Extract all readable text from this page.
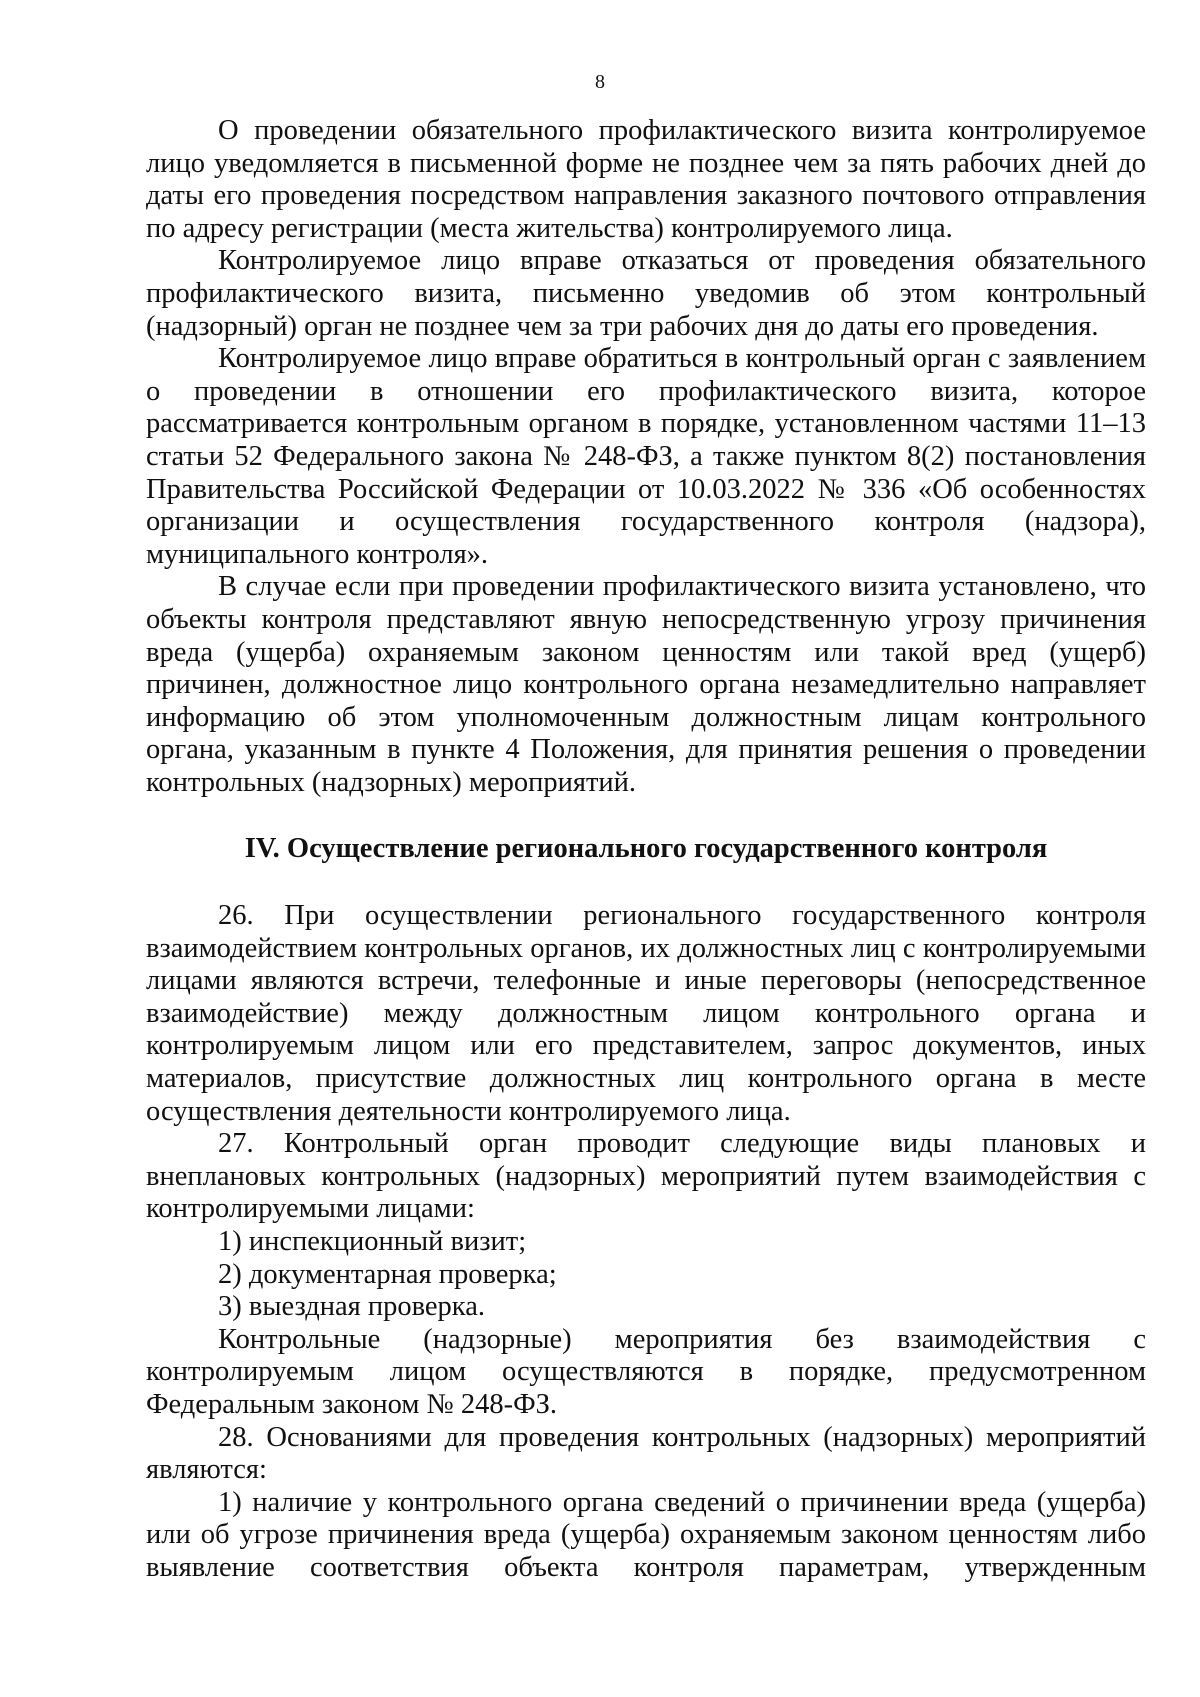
8

О проведении обязательного профилактического визита контролируемое лицо уведомляется в письменной форме не позднее чем за пять рабочих дней до даты его проведения посредством направления заказного почтового отправления по адресу регистрации (места жительства) контролируемого лица.

Контролируемое лицо вправе отказаться от проведения обязательного профилактического визита, письменно уведомив об этом контрольный (надзорный) орган не позднее чем за три рабочих дня до даты его проведения.

Контролируемое лицо вправе обратиться в контрольный орган с заявлением о проведении в отношении его профилактического визита, которое рассматривается контрольным органом в порядке, установленном частями 11–13 статьи 52 Федерального закона № 248-ФЗ, а также пунктом 8(2) постановления Правительства Российской Федерации от 10.03.2022 № 336 «Об особенностях организации и осуществления государственного контроля (надзора), муниципального контроля».

В случае если при проведении профилактического визита установлено, что объекты контроля представляют явную непосредственную угрозу причинения вреда (ущерба) охраняемым законом ценностям или такой вред (ущерб) причинен, должностное лицо контрольного органа незамедлительно направляет информацию об этом уполномоченным должностным лицам контрольного органа, указанным в пункте 4 Положения, для принятия решения о проведении контрольных (надзорных) мероприятий.

IV. Осуществление регионального государственного контроля

26. При осуществлении регионального государственного контроля взаимодействием контрольных органов, их должностных лиц с контролируемыми лицами являются встречи, телефонные и иные переговоры (непосредственное взаимодействие) между должностным лицом контрольного органа и контролируемым лицом или его представителем, запрос документов, иных материалов, присутствие должностных лиц контрольного органа в месте осуществления деятельности контролируемого лица.

27. Контрольный орган проводит следующие виды плановых и внеплановых контрольных (надзорных) мероприятий путем взаимодействия с контролируемыми лицами:

1) инспекционный визит;

2) документарная проверка;

3) выездная проверка.

Контрольные (надзорные) мероприятия без взаимодействия с контролируемым лицом осуществляются в порядке, предусмотренном Федеральным законом № 248-ФЗ.

28. Основаниями для проведения контрольных (надзорных) мероприятий являются:

1) наличие у контрольного органа сведений о причинении вреда (ущерба) или об угрозе причинения вреда (ущерба) охраняемым законом ценностям либо выявление соответствия объекта контроля параметрам, утвержденным
